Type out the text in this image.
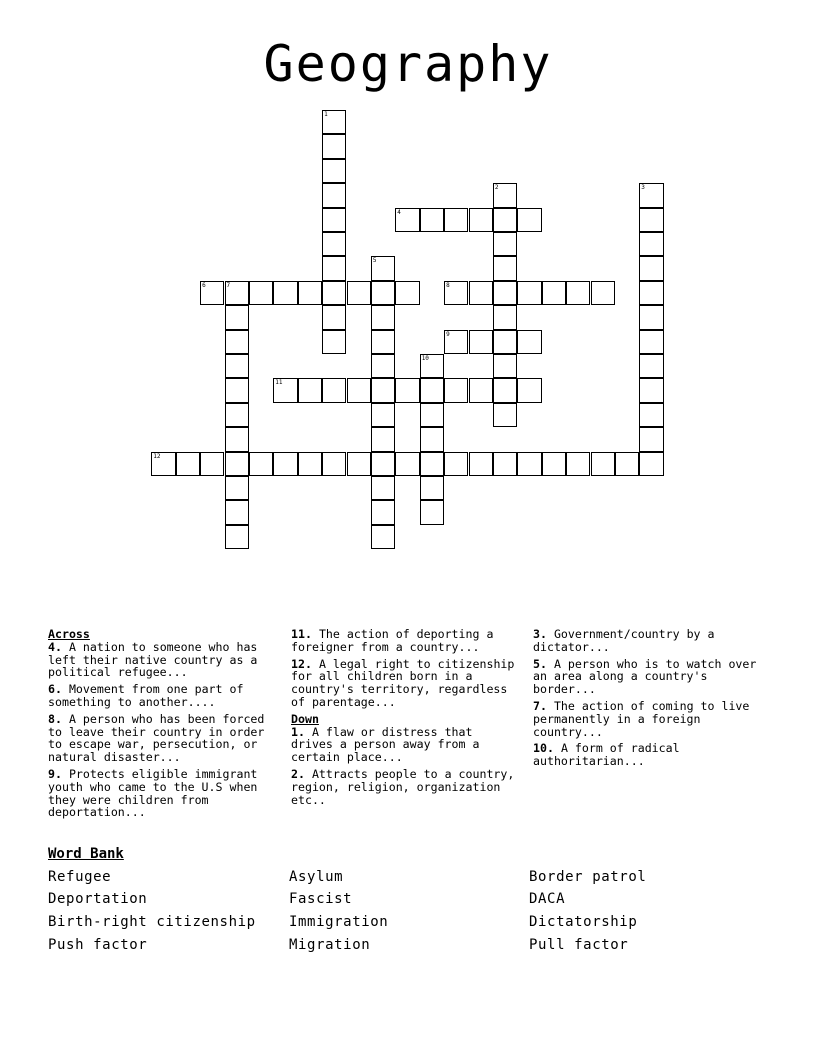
Geography
1
2	3
4
5
6	7	8
9
10
11
12
Across
4. A nation to someone who has left their native country as a political refugee...
6. Movement from one part of something to another....
8. A person who has been forced to leave their country in order to escape war, persecution, or natural disaster...
9. Protects eligible immigrant youth who came to the U.S when they were children from deportation...
11. The action of deporting a foreigner from a country...
12. A legal right to citizenship for all children born in a country's territory, regardless of parentage...
Down
1. A flaw or distress that drives a person away from a certain place...
2. Attracts people to a country, region, religion, organization etc..
3. Government/country by a dictator...
5. A person who is to watch over an area along a country's border...
7. The action of coming to live permanently in a foreign country...
10. A form of radical authoritarian...
Word Bank
Refugee	Asylum	Border patrol
Deportation	Fascist	DACA
Birth-right citizenship Immigration	Dictatorship
Push factor	Migration	Pull factor
